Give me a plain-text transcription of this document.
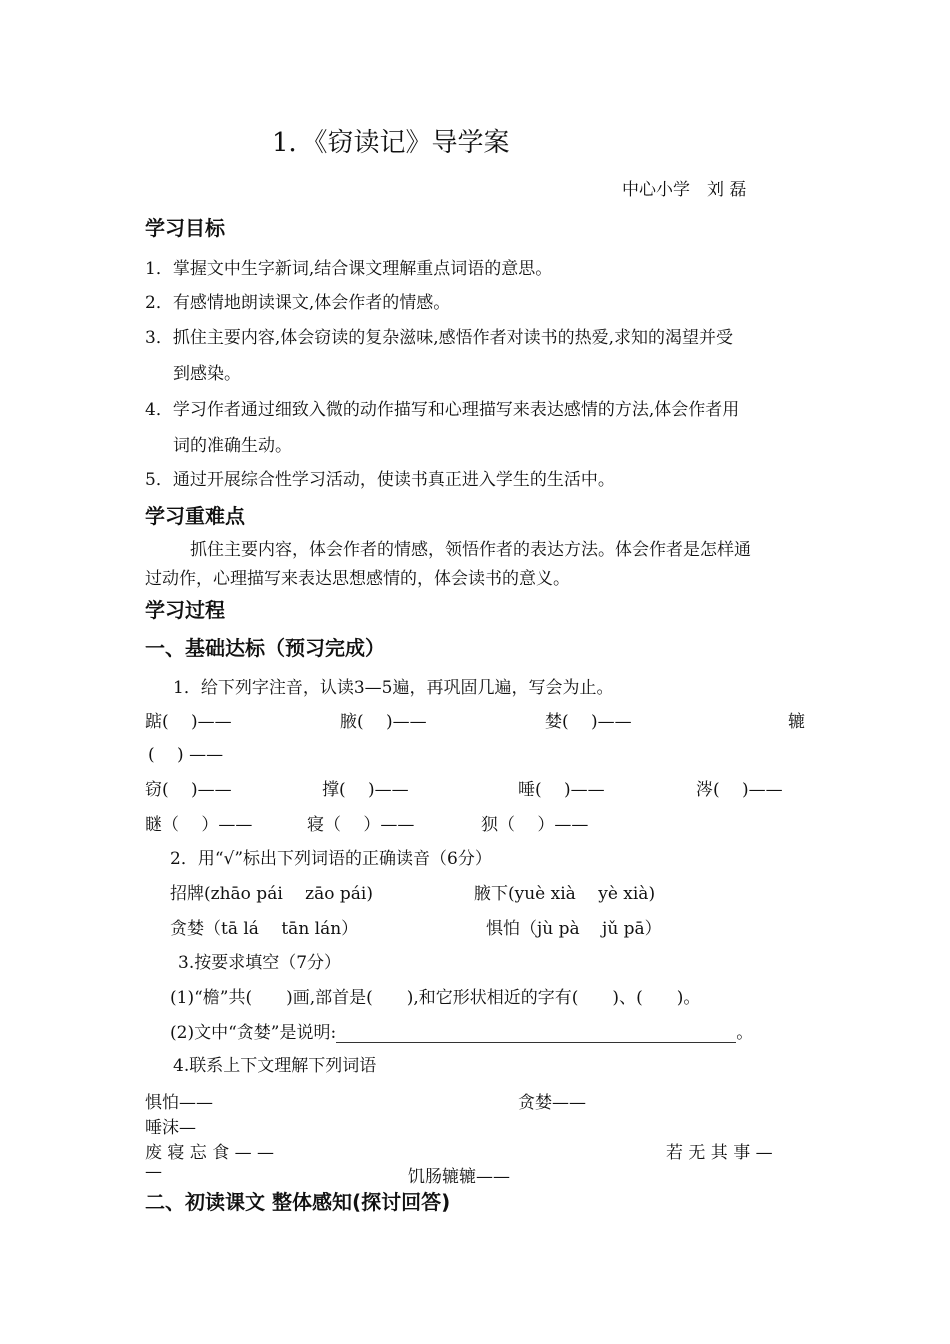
1．《窃读记》导学案
中心小学　刘 磊
学习目标
1．掌握文中生字新词,结合课文理解重点词语的意思。
2．有感情地朗读课文,体会作者的情感。
3．抓住主要内容,体会窃读的复杂滋味,感悟作者对读书的热爱,求知的渴望并受
到感染。
4．学习作者通过细致入微的动作描写和心理描写来表达感情的方法,体会作者用
词的准确生动。
5．通过开展综合性学习活动，使读书真正进入学生的生活中。
学习重难点
抓住主要内容，体会作者的情感，领悟作者的表达方法。体会作者是怎样通
过动作，心理描写来表达思想感情的，体会读书的意义。
学习过程
一、基础达标（预习完成）
1．给下列字注音，认读3—5遍，再巩固几遍，写会为止。
踮(　 )——	腋(　 )——	婪(　 )——	辘
(　 ) ——
窃(　 )——	撑(　 )——	唾(　 )——	涔(　 )——
瞇（　 ）——	寝（　 ）——	狈（　 ）——
2．用“√”标出下列词语的正确读音（6分）
招牌(zhāo pái　 zāo pái)	腋下(yuè xià　 yè xià)
贪婪（tā lá　 tān lán）	惧怕（jù pà　 jǔ pā）
3.按要求填空（7分）
(1)“檐”共(　　)画,部首是(　　),和它形状相近的字有(　　)、(　　)。
(2)文中“贪婪”是说明:	。
4.联系上下文理解下列词语
惧怕——	贪婪——
唾沫—
废 寝 忘 食 — —	若 无 其 事 —
—	饥肠辘辘——
二、初读课文 整体感知(探讨回答)
